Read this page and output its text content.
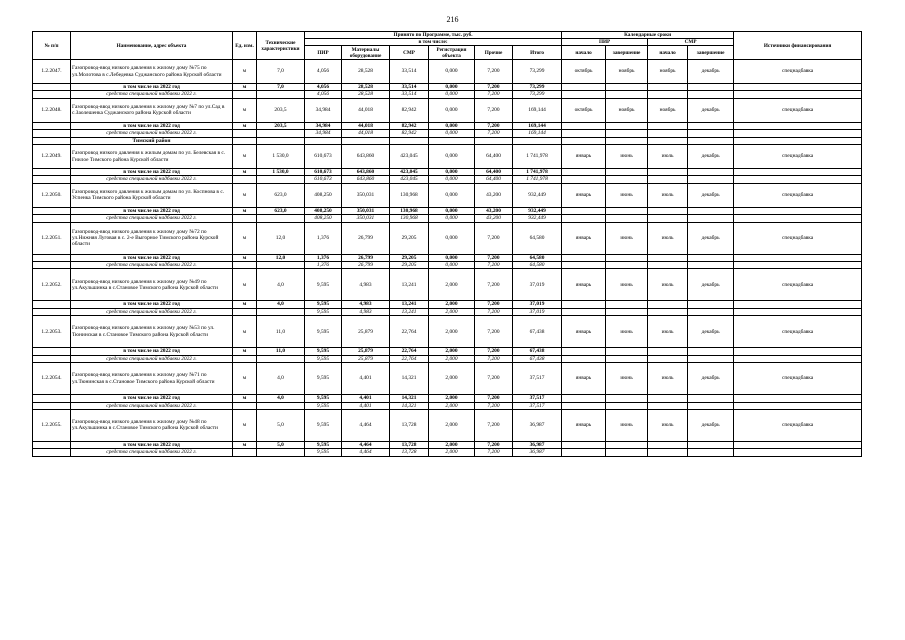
216
№ п/п	Наименование, адрес объекта	Ед. изм.	Технические характеристики	Принято по Программе, тыс. руб.						Календарные сроки				Источники финансирования
				в том числе:						ПИР		СМР		
				ПИР	Материалы оборудование	СМР	Регистрация объекта	Прочие	Итого	начало	завершение	начало	завершение	
1.2.2047.	Газопровод-ввод низкого давления к жилому дому №75 по ул.Молотова в с.Лебедевка Суджанского района Курской области	м	7,0	4,056	28,528	33,514	0,000	7,200	73,299	октябрь	ноябрь	ноябрь	декабрь	спецнадбавка
	в том числе на 2022 год	м	7,0	4,056	28,528	33,514	0,000	7,200	73,299					
	средства специальной надбавки 2022 г.			4,056	28,528	33,514	0,000	7,200	73,299					
1.2.2048.	Газопровод-ввод низкого давления к жилому дому №7 по ул.Сад в с.Заолешенка Суджанского района Курской области	м	203,5	34,984	44,018	82,942	0,000	7,200	169,144	октябрь	ноябрь	ноябрь	декабрь	спецнадбавка
	в том числе на 2022 год	м	203,5	34,984	44,018	82,942	0,000	7,200	169,144					
	средства специальной надбавки 2022 г.			34,984	44,018	82,942	0,000	7,200	169,144					
	Тимский район													
1.2.2049.	Газопровод низкого давления к жилым домам по ул. Белевская в с. Гнилое Тимского района Курской области	м	1 530,0	610,673	643,860	423,045	0,000	64,400	1 741,978	январь	июнь	июль	декабрь	спецнадбавка
	в том числе на 2022 год	м	1 530,0	610,673	643,860	423,045	0,000	64,400	1 741,978					
	средства специальной надбавки 2022 г.			610,673	643,860	423,045	0,000	64,400	1 741,978					
1.2.2050.	Газопровод низкого давления к жилым домам по ул. Коспнова в с. Успенка Тимского района Курской области	м	623,0	408,250	350,031	130,968	0,000	43,200	932,449	январь	июнь	июль	декабрь	спецнадбавка
	в том числе на 2022 год	м	623,0	408,250	350,031	130,968	0,000	43,200	932,449					
	средства специальной надбавки 2022 г.			408,250	350,031	130,968	0,000	43,200	932,449					
1.2.2051.	Газопровод-ввод низкого давления к жилому дому №72 по ул.Нижняя Луговая в с. 2-е Выгорное Тимского района Курской области	м	12,0	1,376	26,799	29,205	0,000	7,200	64,580	январь	июнь	июль	декабрь	спецнадбавка
	в том числе на 2022 год	м	12,0	1,376	26,799	29,205	0,000	7,200	64,580					
	средства специальной надбавки 2022 г.			1,376	26,799	29,205	0,000	7,200	64,580					
1.2.2052.	Газопровод-ввод низкого давления к жилому дому №49 по ул.Акульшинка в с.Становое Тимского района Курской области	м	4,0	9,595	4,983	13,241	2,000	7,200	37,019	январь	июнь	июль	декабрь	спецнадбавка
	в том числе на 2022 год	м	4,0	9,595	4,983	13,241	2,000	7,200	37,019					
	средства специальной надбавки 2022 г.			9,595	4,983	13,241	2,000	7,200	37,019					
1.2.2053.	Газопровод-ввод низкого давления к жилому дому №53 по ул. Тюнинская в с.Становое Тимского района Курской области	м	11,0	9,595	25,879	22,764	2,000	7,200	67,438	январь	июнь	июль	декабрь	спецнадбавка
	в том числе на 2022 год	м	11,0	9,595	25,879	22,764	2,000	7,200	67,438					
	средства специальной надбавки 2022 г.			9,595	25,879	22,764	2,000	7,200	67,438					
1.2.2054.	Газопровод-ввод низкого давления к жилому дому №71 по ул.Тюнинская в с.Становое Тимского района Курской области	м	4,0	9,595	4,401	14,321	2,000	7,200	37,517	январь	июнь	июль	декабрь	спецнадбавка
	в том числе на 2022 год	м	4,0	9,595	4,401	14,321	2,000	7,200	37,517					
	средства специальной надбавки 2022 г.			9,595	4,401	14,321	2,000	7,200	37,517					
1.2.2055.	Газопровод-ввод низкого давления к жилому дому №48 по ул.Акульшинка в с.Становое Тимского района Курской области	м	5,0	9,595	4,464	13,728	2,000	7,200	36,987	январь	июнь	июль	декабрь	спецнадбавка
	в том числе на 2022 год	м	5,0	9,595	4,464	13,728	2,000	7,200	36,987					
	средства специальной надбавки 2022 г.			9,595	4,464	13,728	2,000	7,200	36,987					
